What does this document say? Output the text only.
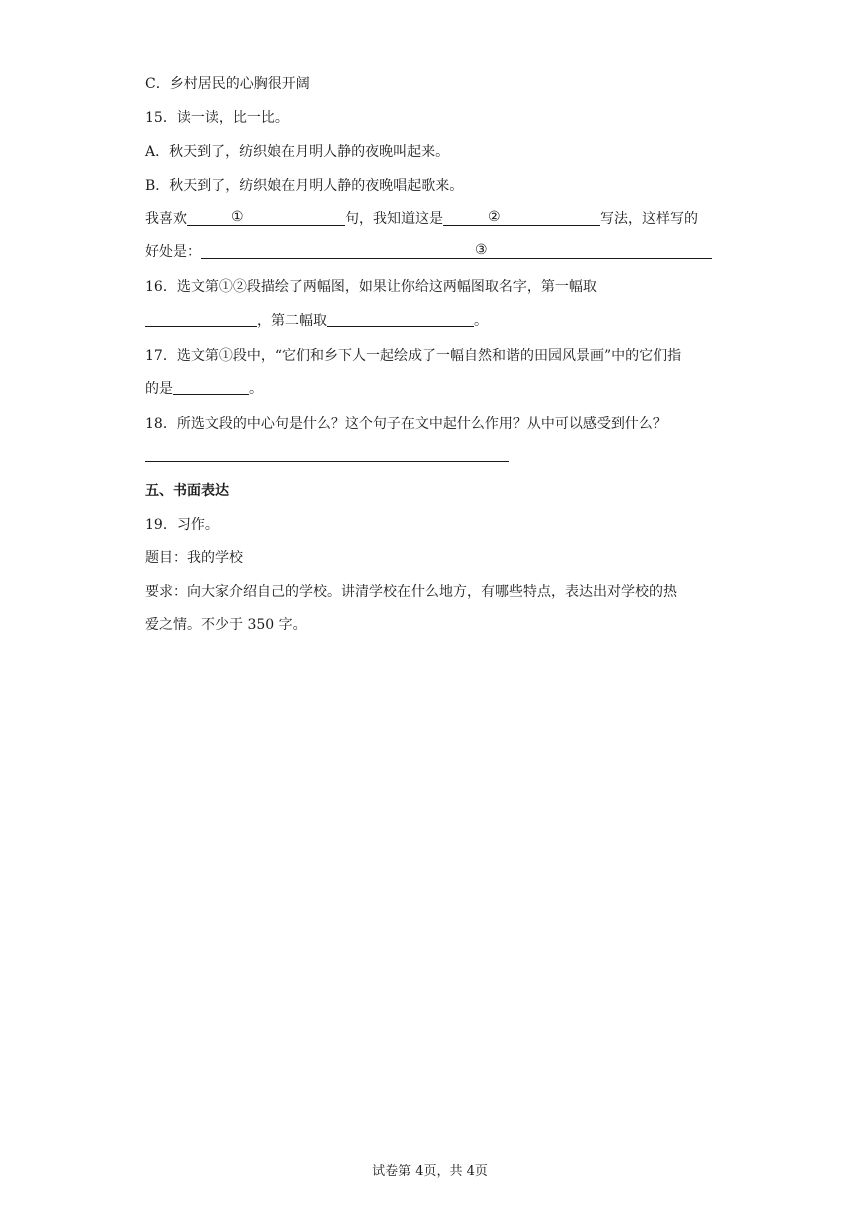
C．乡村居民的心胸很开阔
15．读一读，比一比。
A．秋天到了，纺织娘在月明人静的夜晚叫起来。
B．秋天到了，纺织娘在月明人静的夜晚唱起歌来。
我喜欢	①	句，我知道这是	②	写法，这样写的
好处是：	③
16．选文第①②段描绘了两幅图，如果让你给这两幅图取名字，第一幅取
，第二幅取	。
17．选文第①段中，“它们和乡下人一起绘成了一幅自然和谐的田园风景画”中的它们指
的是	。
18．所选文段的中心句是什么？这个句子在文中起什么作用？从中可以感受到什么？
五、书面表达
19．习作。
题目：我的学校
要求：向大家介绍自己的学校。讲清学校在什么地方，有哪些特点，表达出对学校的热
爱之情。不少于 350 字。
试卷第 4页，共 4页
